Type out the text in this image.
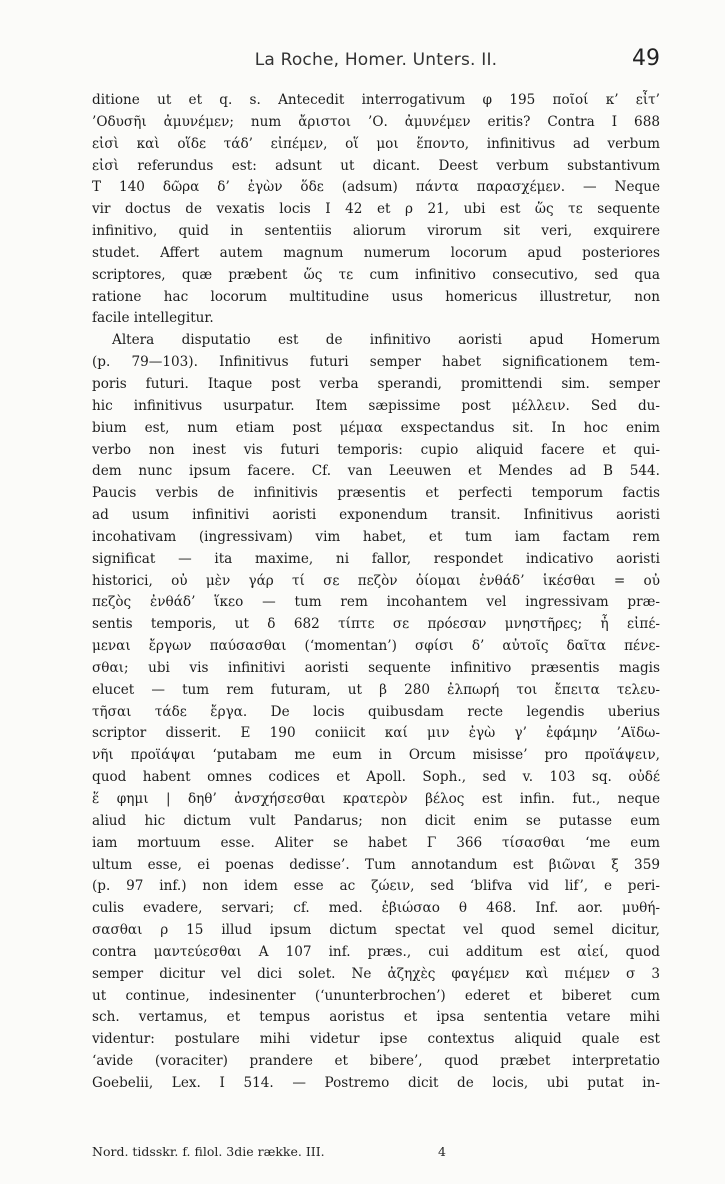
La Roche, Homer. Unters. II.	49
ditione ut et q. s. Antecedit interrogativum φ 195 ποῖοί κ’ εἶτ’
’Οδυσῆι ἀμυνέμεν; num ἄριστοι ’Ο. ἀμυνέμεν eritis? Contra Ι 688
εἰσὶ καὶ οἵδε τάδ’ εἰπέμεν, οἵ μοι ἕποντο, infinitivus ad verbum
εἰσὶ referundus est: adsunt ut dicant. Deest verbum substantivum
Τ 140 δῶρα δ’ ἐγὼν ὅδε (adsum) πάντα παρασχέμεν. — Neque
vir doctus de vexatis locis Ι 42 et ρ 21, ubi est ὥς τε sequente
infinitivo, quid in sententiis aliorum virorum sit veri, exquirere
studet. Affert autem magnum numerum locorum apud posteriores
scriptores, quæ præbent ὥς τε cum infinitivo consecutivo, sed qua
ratione hac locorum multitudine usus homericus illustretur, non
facile intellegitur.
Altera disputatio est de infinitivo aoristi apud Homerum
(p. 79—103). Infinitivus futuri semper habet significationem tem-
poris futuri. Itaque post verba sperandi, promittendi sim. semper
hic infinitivus usurpatur. Item sæpissime post μέλλειν. Sed du-
bium est, num etiam post μέμαα exspectandus sit. In hoc enim
verbo non inest vis futuri temporis: cupio aliquid facere et qui-
dem nunc ipsum facere. Cf. van Leeuwen et Mendes ad Β 544.
Paucis verbis de infinitivis præsentis et perfecti temporum factis
ad usum infinitivi aoristi exponendum transit. Infinitivus aoristi
incohativam (ingressivam) vim habet, et tum iam factam rem
significat — ita maxime, ni fallor, respondet indicativo aoristi
historici, οὐ μὲν γάρ τί σε πεζὸν ὀίομαι ἐνθάδ’ ἱκέσθαι = οὐ
πεζὸς ἐνθάδ’ ἵκεο — tum rem incohantem vel ingressivam præ-
sentis temporis, ut δ 682 τίπτε σε πρόεσαν μνηστῆρες; ἦ εἰπέ-
μεναι ἔργων παύσασθαι (‘momentan’) σφίσι δ’ αὐτοῖς δαῖτα πένε-
σθαι; ubi vis infinitivi aoristi sequente infinitivo præsentis magis
elucet — tum rem futuram, ut β 280 ἐλπωρή τοι ἔπειτα τελευ-
τῆσαι τάδε ἔργα. De locis quibusdam recte legendis uberius
scriptor disserit. Ε 190 coniicit καί μιν ἐγὼ γ’ ἐφάμην ’Αϊδω-
νῆι προϊάψαι ‘putabam me eum in Orcum misisse’ pro προϊάψειν,
quod habent omnes codices et Apoll. Soph., sed v. 103 sq. οὐδέ
ἕ φημι | δηθ’ ἀνσχήσεσθαι κρατερὸν βέλος est infin. fut., neque
aliud hic dictum vult Pandarus; non dicit enim se putasse eum
iam mortuum esse. Aliter se habet Γ 366 τίσασθαι ‘me eum
ultum esse, ei poenas dedisse’. Tum annotandum est βιῶναι ξ 359
(p. 97 inf.) non idem esse ac ζώειν, sed ‘blifva vid lif’, e peri-
culis evadere, servari; cf. med. ἐβιώσαο θ 468. Inf. aor. μυθή-
σασθαι ρ 15 illud ipsum dictum spectat vel quod semel dicitur,
contra μαντεύεσθαι Α 107 inf. præs., cui additum est αἰεί, quod
semper dicitur vel dici solet. Ne ἀζηχὲς φαγέμεν καὶ πιέμεν σ 3
ut continue, indesinenter (‘ununterbrochen’) ederet et biberet cum
sch. vertamus, et tempus aoristus et ipsa sententia vetare mihi
videntur: postulare mihi videtur ipse contextus aliquid quale est
‘avide (voraciter) prandere et bibere’, quod præbet interpretatio
Goebelii, Lex. I 514. — Postremo dicit de locis, ubi putat in-
Nord. tidsskr. f. filol. 3die række. III.	4
